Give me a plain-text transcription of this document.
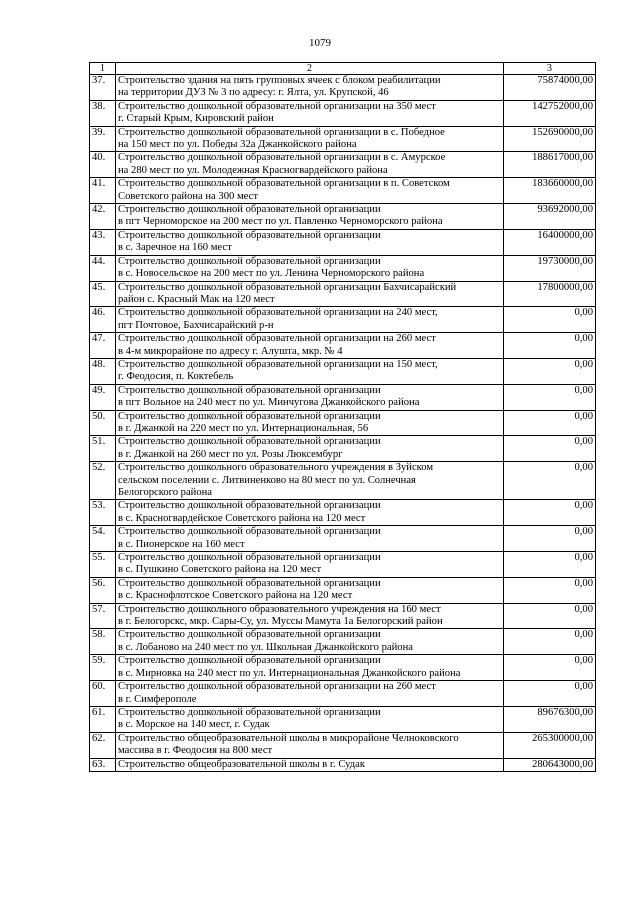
1079
1	2	3
37.	Строительство здания на пять групповых ячеек с блоком реабилитации
на территории ДУЗ № 3 по адресу: г. Ялта, ул. Крупской, 46	75874000,00
38.	Строительство дошкольной образовательной организации на 350 мест
г. Старый Крым, Кировский район	142752000,00
39.	Строительство дошкольной образовательной организации в с. Победное
на 150 мест по ул. Победы 32а Джанкойского района	152690000,00
40.	Строительство дошкольной образовательной организации в с. Амурское
на 280 мест по ул. Молодежная Красногвардейского района	188617000,00
41.	Строительство дошкольной образовательной организации в п. Советском
Советского района на 300 мест	183660000,00
42.	Строительство дошкольной образовательной организации
в пгт Черноморское на 200 мест по ул. Павленко Черноморского района	93692000,00
43.	Строительство дошкольной образовательной организации
в с. Заречное на 160 мест	16400000,00
44.	Строительство дошкольной образовательной организации
в с. Новосельское на 200 мест по ул. Ленина Черноморского района	19730000,00
45.	Строительство дошкольной образовательной организации Бахчисарайский
район с. Красный Мак на 120 мест	17800000,00
46.	Строительство дошкольной образовательной организации на 240 мест,
пгт Почтовое, Бахчисарайский р-н	0,00
47.	Строительство дошкольной образовательной организации на 260 мест
в 4-м микрорайоне по адресу г. Алушта, мкр. № 4	0,00
48.	Строительство дошкольной образовательной организации на 150 мест,
г. Феодосия, п. Коктебель	0,00
49.	Строительство дошкольной образовательной организации
в пгт Вольное на 240 мест по ул. Минчугова Джанкойского района	0,00
50.	Строительство дошкольной образовательной организации
в г. Джанкой на 220 мест по ул. Интернациональная, 56	0,00
51.	Строительство дошкольной образовательной организации
в г. Джанкой на 260 мест по ул. Розы Люксембург	0,00
52.	Строительство дошкольного образовательного учреждения в Зуйском
сельском поселении с. Литвиненково на 80 мест по ул. Солнечная
Белогорского района	0,00
53.	Строительство дошкольной образовательной организации
в с. Красногвардейское Советского района на 120 мест	0,00
54.	Строительство дошкольной образовательной организации
в с. Пионерское на 160 мест	0,00
55.	Строительство дошкольной образовательной организации
в с. Пушкино Советского района на 120 мест	0,00
56.	Строительство дошкольной образовательной организации
в с. Краснофлотское Советского района на 120 мест	0,00
57.	Строительство дошкольного образовательного учреждения на 160 мест
в г. Белогорскс, мкр. Сары-Су, ул. Муссы Мамута 1а Белогорский район	0,00
58.	Строительство дошкольной образовательной организации
в с. Лобаново на 240 мест по ул. Школьная Джанкойского района	0,00
59.	Строительство дошкольной образовательной организации
в с. Мирновка на 240 мест по ул. Интернациональная Джанкойского района	0,00
60.	Строительство дошкольной образовательной организации на 260 мест
в г. Симферополе	0,00
61.	Строительство дошкольной образовательной организации
в с. Морское на 140 мест, г. Судак	89676300,00
62.	Строительство общеобразовательной школы в микрорайоне Челноковского
массива в г. Феодосия на 800 мест	265300000,00
63.	Строительство общеобразовательной школы в г. Судак	280643000,00
